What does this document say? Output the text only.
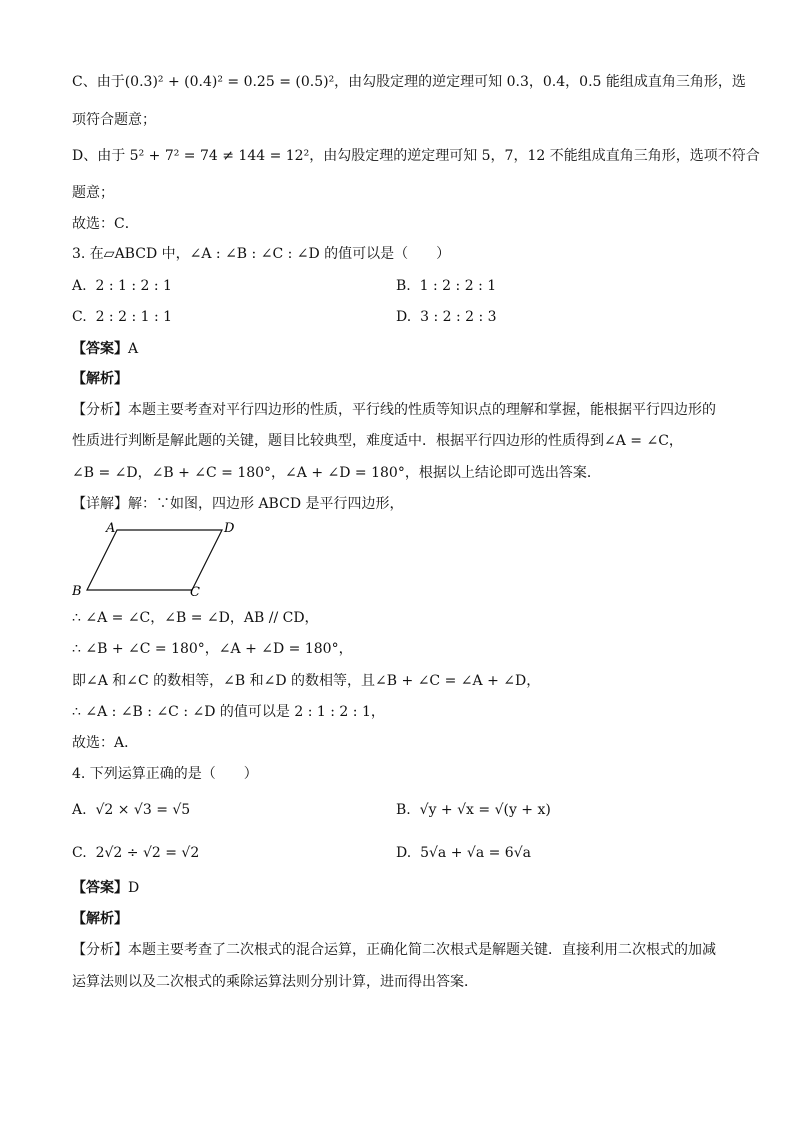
C、由于(0.3)² + (0.4)² = 0.25 = (0.5)²，由勾股定理的逆定理可知 0.3，0.4，0.5 能组成直角三角形，选
项符合题意；
D、由于 5² + 7² = 74 ≠ 144 = 12²，由勾股定理的逆定理可知 5，7，12 不能组成直角三角形，选项不符合
题意；
故选：C．
3. 在▱ABCD 中，∠A : ∠B : ∠C : ∠D 的值可以是（　　）
A. 2 : 1 : 2 : 1	B. 1 : 2 : 2 : 1
C. 2 : 2 : 1 : 1	D. 3 : 2 : 2 : 3
【答案】A
【解析】
【分析】本题主要考查对平行四边形的性质，平行线的性质等知识点的理解和掌握，能根据平行四边形的
性质进行判断是解此题的关键，题目比较典型，难度适中．根据平行四边形的性质得到∠A = ∠C，
∠B = ∠D，∠B + ∠C = 180°，∠A + ∠D = 180°，根据以上结论即可选出答案．
【详解】解：∵如图，四边形 ABCD 是平行四边形，
A	D
B	C
∴ ∠A = ∠C，∠B = ∠D，AB // CD，
∴ ∠B + ∠C = 180°，∠A + ∠D = 180°，
即∠A 和∠C 的数相等，∠B 和∠D 的数相等，且∠B + ∠C = ∠A + ∠D，
∴ ∠A : ∠B : ∠C : ∠D 的值可以是 2 : 1 : 2 : 1，
故选：A．
4. 下列运算正确的是（　　）
A. √2 × √3 = √5	B. √y + √x = √(y + x)
C. 2√2 ÷ √2 = √2	D. 5√a + √a = 6√a
【答案】D
【解析】
【分析】本题主要考查了二次根式的混合运算，正确化简二次根式是解题关键．直接利用二次根式的加减
运算法则以及二次根式的乘除运算法则分别计算，进而得出答案．
